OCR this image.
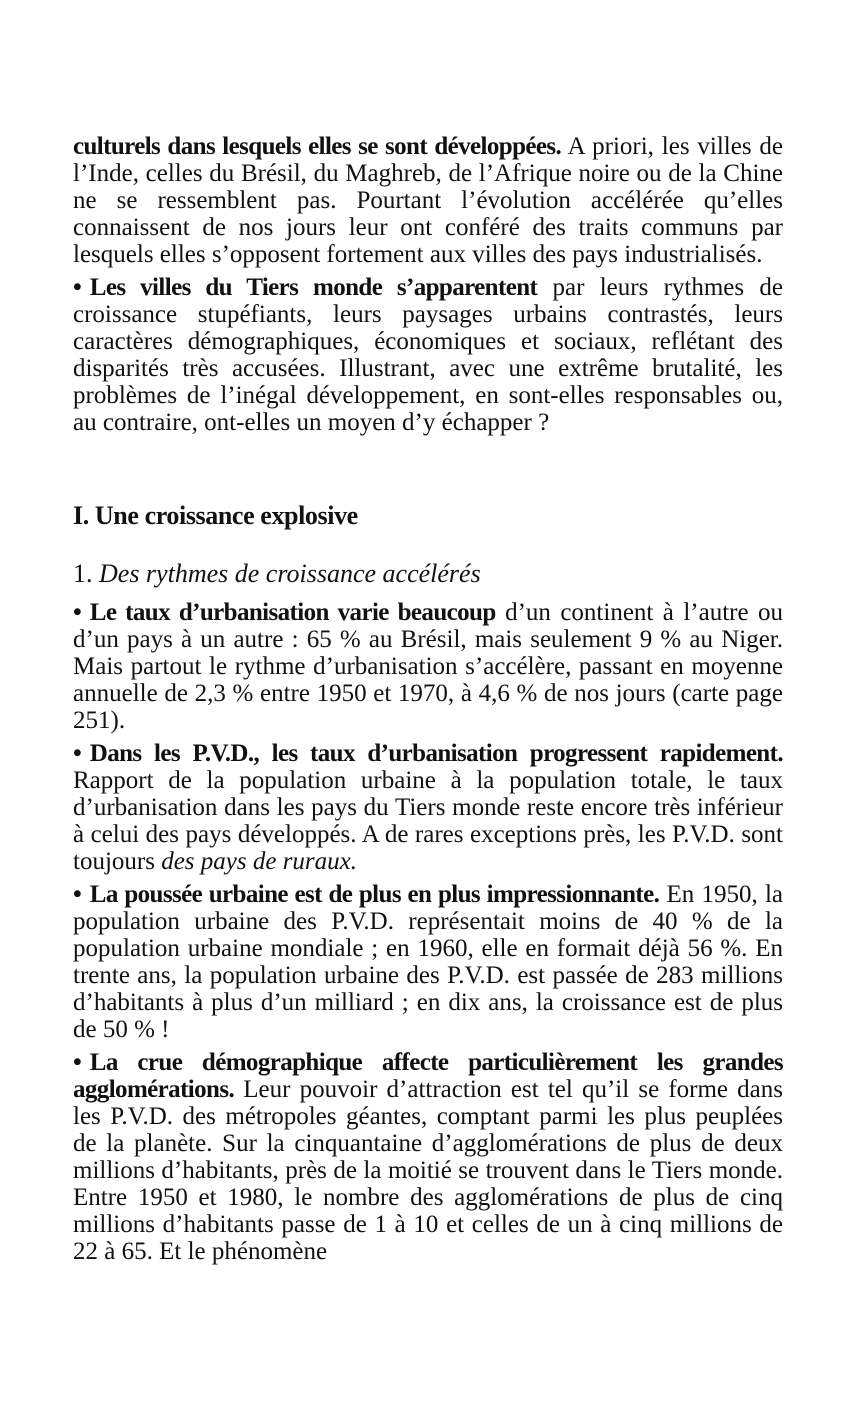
culturels dans lesquels elles se sont développées. A priori, les villes de l’Inde, celles du Brésil, du Maghreb, de l’Afrique noire ou de la Chine ne se ressemblent pas. Pourtant l’évolution accélérée qu’elles connaissent de nos jours leur ont conféré des traits communs par lesquels elles s’opposent fortement aux villes des pays industrialisés.

• Les villes du Tiers monde s’apparentent par leurs rythmes de croissance stupéfiants, leurs paysages urbains contrastés, leurs caractères démographiques, économiques et sociaux, reflétant des disparités très accusées. Illustrant, avec une extrême brutalité, les problèmes de l’inégal développement, en sont-elles responsables ou, au contraire, ont-elles un moyen d’y échapper ?

I. Une croissance explosive
1. Des rythmes de croissance accélérés

• Le taux d’urbanisation varie beaucoup d’un continent à l’autre ou d’un pays à un autre : 65 % au Brésil, mais seulement 9 % au Niger. Mais partout le rythme d’urbanisation s’accélère, passant en moyenne annuelle de 2,3 % entre 1950 et 1970, à 4,6 % de nos jours (carte page 251).

• Dans les P.V.D., les taux d’urbanisation progressent rapidement. Rapport de la population urbaine à la population totale, le taux d’urbanisation dans les pays du Tiers monde reste encore très inférieur à celui des pays développés. A de rares exceptions près, les P.V.D. sont toujours des pays de ruraux.

• La poussée urbaine est de plus en plus impressionnante. En 1950, la population urbaine des P.V.D. représentait moins de 40 % de la population urbaine mondiale ; en 1960, elle en formait déjà 56 %. En trente ans, la population urbaine des P.V.D. est passée de 283 millions d’habitants à plus d’un milliard ; en dix ans, la croissance est de plus de 50 % !

• La crue démographique affecte particulièrement les grandes agglomérations. Leur pouvoir d’attraction est tel qu’il se forme dans les P.V.D. des métropoles géantes, comptant parmi les plus peuplées de la planète. Sur la cinquantaine d’agglomérations de plus de deux millions d’habitants, près de la moitié se trouvent dans le Tiers monde. Entre 1950 et 1980, le nombre des agglomérations de plus de cinq millions d’habitants passe de 1 à 10 et celles de un à cinq millions de 22 à 65. Et le phénomène
